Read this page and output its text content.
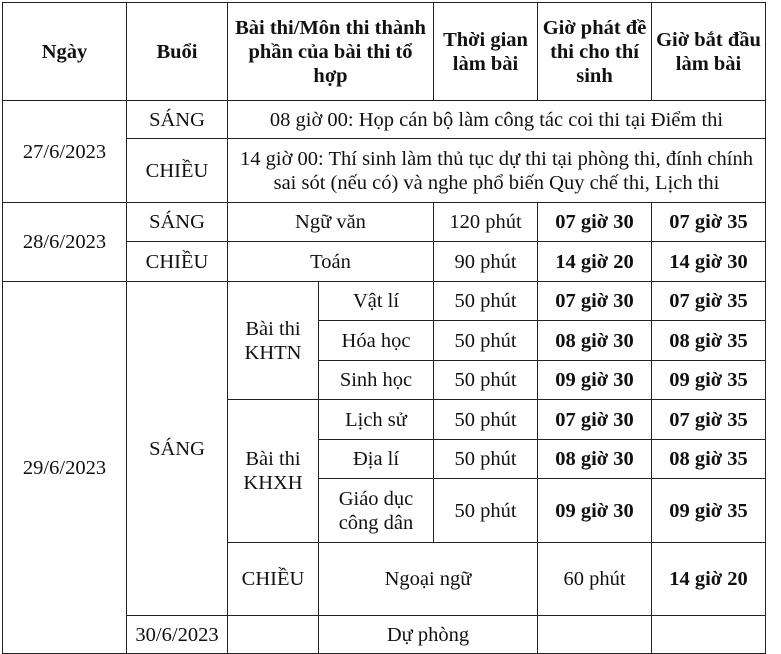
Ngày	Buổi	Bài thi/Môn thi thành phần của bài thi tổ hợp		Thời gian làm bài	Giờ phát đề thi cho thí sinh	Giờ bắt đầu làm bài	
27/6/2023	SÁNG	08 giờ 00: Họp cán bộ làm công tác coi thi tại Điểm thi					
	CHIỀU	14 giờ 00: Thí sinh làm thủ tục dự thi tại phòng thi, đính chính sai sót (nếu có) và nghe phổ biến Quy chế thi, Lịch thi					
28/6/2023	SÁNG	Ngữ văn		120 phút	07 giờ 30	07 giờ 35	
	CHIỀU	Toán		90 phút	14 giờ 20	14 giờ 30	
29/6/2023	SÁNG	Bài thi KHTN	Vật lí	50 phút	07 giờ 30	07 giờ 35	
			Hóa học	50 phút	08 giờ 30	08 giờ 35	
			Sinh học	50 phút	09 giờ 30	09 giờ 35	
		Bài thi KHXH	Lịch sử	50 phút	07 giờ 30	07 giờ 35	
			Địa lí	50 phút	08 giờ 30	08 giờ 35	
			Giáo dục công dân	50 phút	09 giờ 30	09 giờ 35	
		CHIỀU	Ngoại ngữ		60 phút	14 giờ 20	
	30/6/2023		Dự phòng				
